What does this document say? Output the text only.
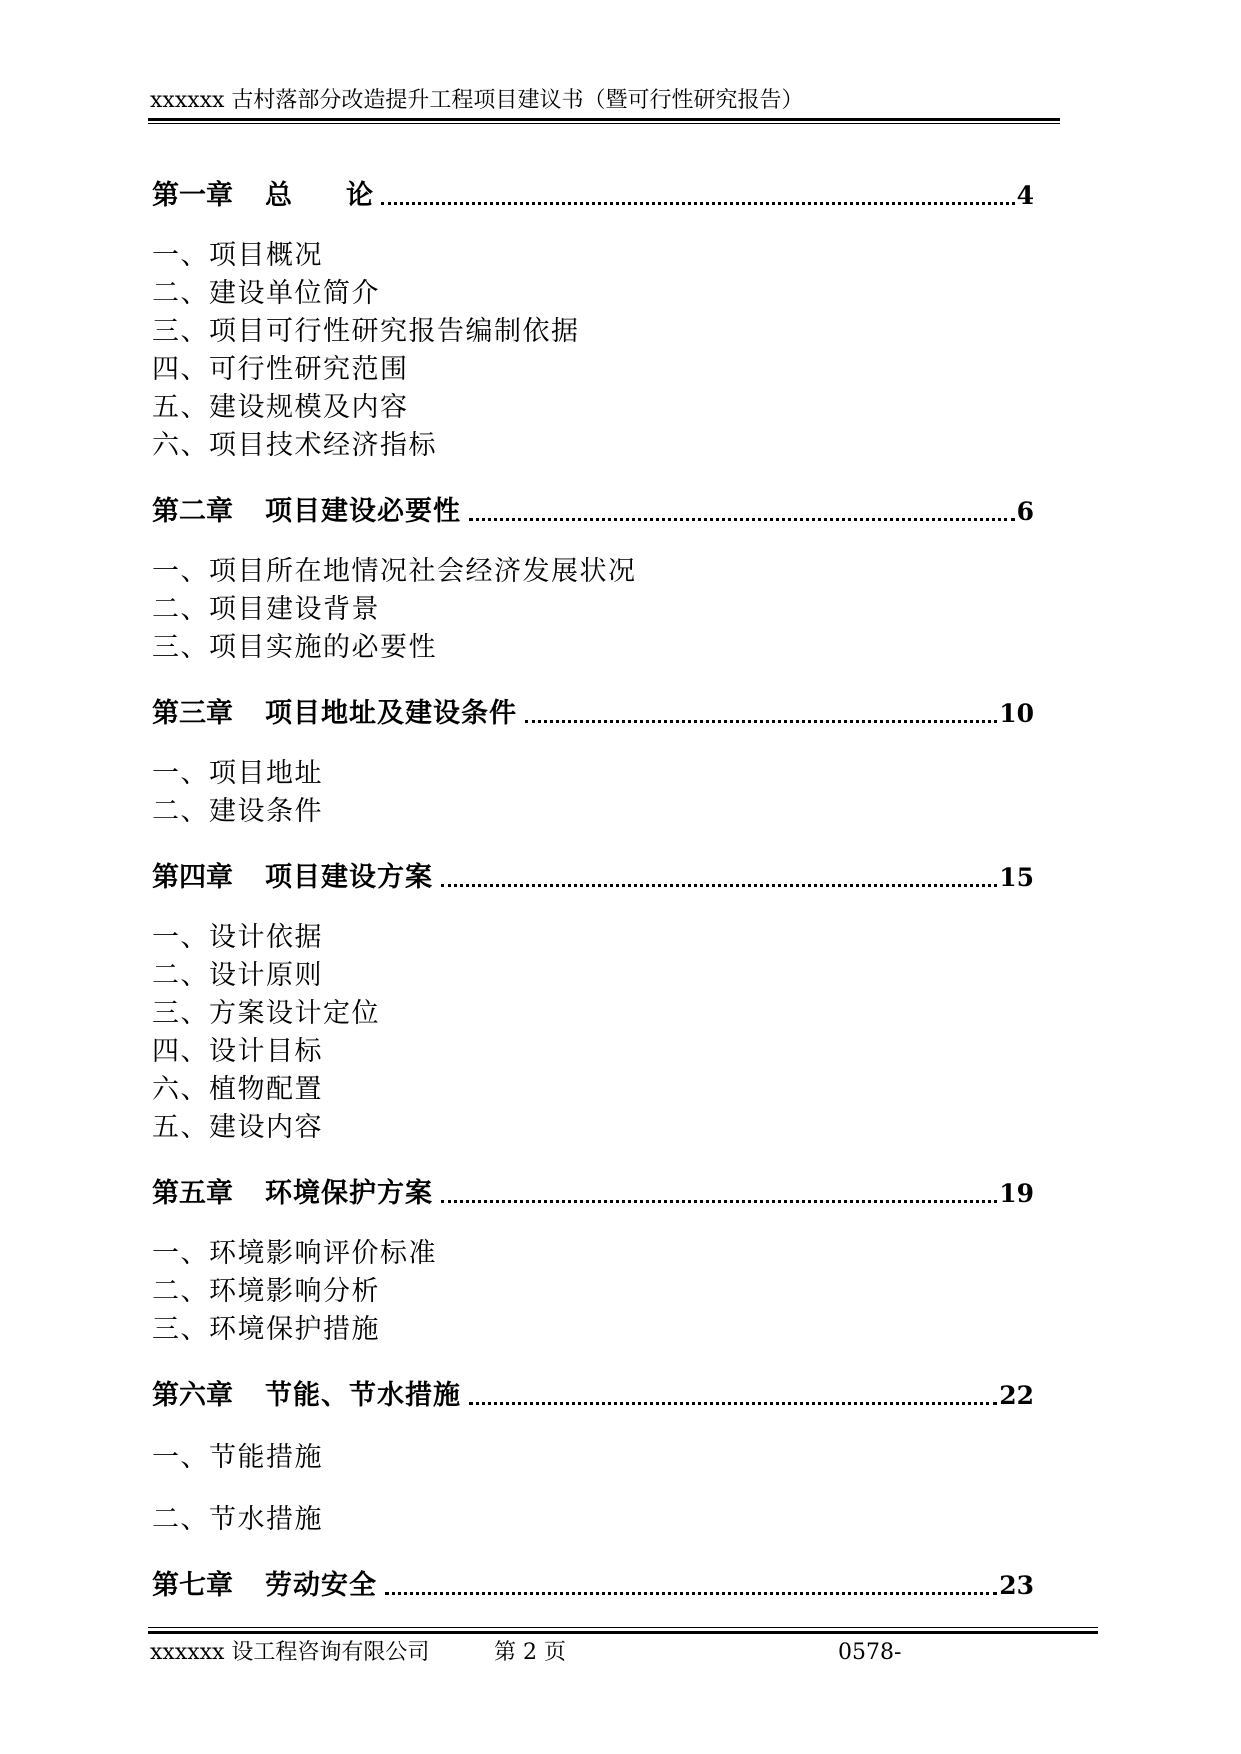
xxxxxx 古村落部分改造提升工程项目建议书（暨可行性研究报告）
第一章 总 论	4
一、项目概况
二、建设单位简介
三、项目可行性研究报告编制依据
四、可行性研究范围
五、建设规模及内容
六、项目技术经济指标
第二章 项目建设必要性	6
一、项目所在地情况社会经济发展状况
二、项目建设背景
三、项目实施的必要性
第三章 项目地址及建设条件	10
一、项目地址
二、建设条件
第四章 项目建设方案	15
一、设计依据
二、设计原则
三、方案设计定位
四、设计目标
六、植物配置
五、建设内容
第五章 环境保护方案	19
一、环境影响评价标准
二、环境影响分析
三、环境保护措施
第六章 节能、节水措施	22
一、节能措施
二、节水措施
第七章 劳动安全	23
xxxxxx 设工程咨询有限公司	第 2 页	0578-
